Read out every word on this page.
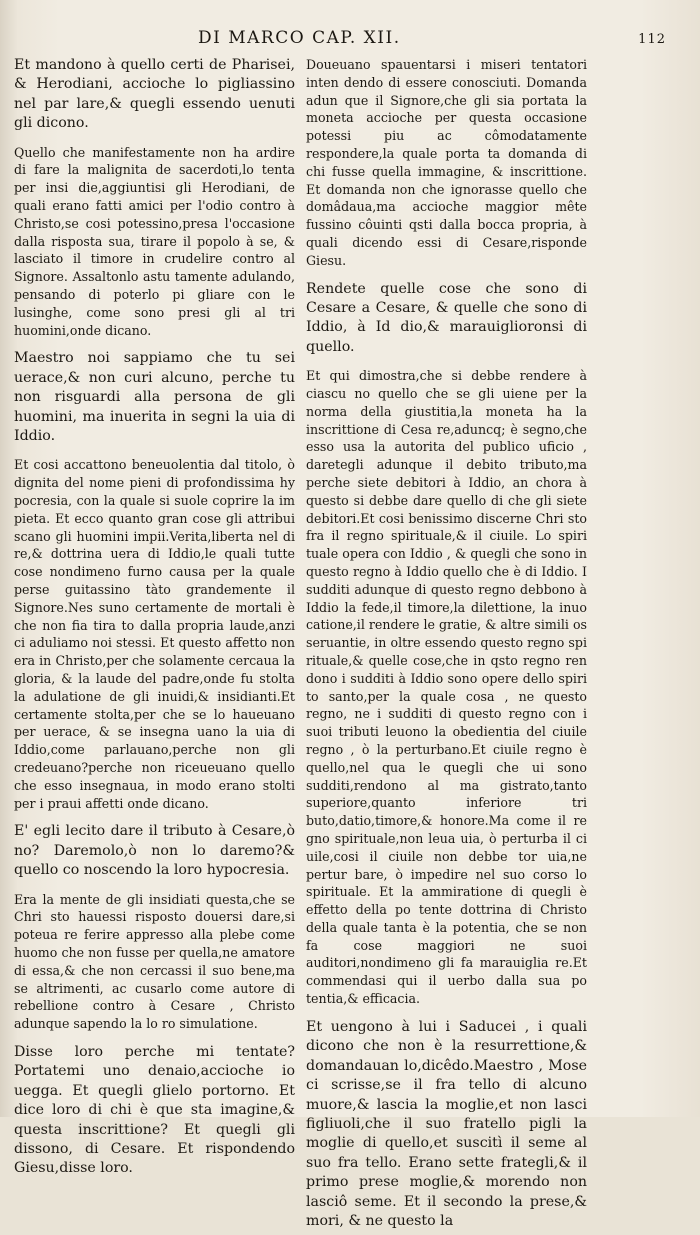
DI MARCO CAP. XII.	112

Et mandono à quello certi de Pharisei, & Herodiani, accioche lo pigliassino nel par lare,& quegli essendo uenuti gli dicono.

Quello che manifestamente non ha ardire di fare la malignita de sacerdoti,lo tenta per insi die,aggiuntisi gli Herodiani, de quali erano fatti amici per l'odio contro à Christo,se cosi potessino,presa l'occasione dalla risposta sua, tirare il popolo à se, & lasciato il timore in crudelire contro al Signore. Assaltonlo astu tamente adulando, pensando di poterlo pi gliare con le lusinghe, come sono presi gli al tri huomini,onde dicano.

Maestro noi sappiamo che tu sei uerace,& non curi alcuno, perche tu non risguardi alla persona de gli huomini, ma inuerita in segni la uia di Iddio.

Et cosi accattono beneuolentia dal titolo, ò dignita del nome pieni di profondissima hy pocresia, con la quale si suole coprire la im pieta. Et ecco quanto gran cose gli attribui scano gli huomini impii.Verita,liberta nel di re,& dottrina uera di Iddio,le quali tutte cose nondimeno furno causa per la quale perse guitassino tàto grandemente il Signore.Nes suno certamente de mortali è che non fia tira to dalla propria laude,anzi ci aduliamo noi stessi. Et questo affetto non era in Christo,per che solamente cercaua la gloria, & la laude del padre,onde fu stolta la adulatione de gli inuidi,& insidianti.Et certamente stolta,per che se lo haueuano per uerace, & se insegna uano la uia di Iddio,come parlauano,perche non gli credeuano?perche non riceueuano quello che esso insegnaua, in modo erano stolti per i praui affetti onde dicano.

E' egli lecito dare il tributo à Cesare,ò no? Daremolo,ò non lo daremo?& quello co noscendo la loro hypocresia.

Era la mente de gli insidiati questa,che se Chri sto hauessi risposto douersi dare,si poteua re ferire appresso alla plebe come huomo che non fusse per quella,ne amatore di essa,& che non cercassi il suo bene,ma se altrimenti, ac cusarlo come autore di rebellione contro à Cesare , Christo adunque sapendo la lo ro simulatione.

Disse loro perche mi tentate? Portatemi uno denaio,accioche io uegga. Et quegli glielo portorno. Et dice loro di chi è que sta imagine,& questa inscrittione? Et quegli gli dissono, di Cesare. Et rispondendo Giesu,disse loro.

Doueuano spauentarsi i miseri tentatori inten dendo di essere conosciuti. Domanda adun que il Signore,che gli sia portata la moneta accioche per questa occasione potessi piu ac cômodatamente respondere,la quale porta ta domanda di chi fusse quella immagine, & inscrittione. Et domanda non che ignorasse quello che domâdaua,ma accioche maggior mête fussino côuinti qsti dalla bocca propria, à quali dicendo essi di Cesare,risponde Giesu.

Rendete quelle cose che sono di Cesare a Cesare, & quelle che sono di Iddio, à Id dio,& marauiglioronsi di quello.

Et qui dimostra,che si debbe rendere à ciascu no quello che se gli uiene per la norma della giustitia,la moneta ha la inscrittione di Cesa re,aduncq; è segno,che esso usa la autorita del publico uficio , daretegli adunque il debito tributo,ma perche siete debitori à Iddio, an chora à questo si debbe dare quello di che gli siete debitori.Et cosi benissimo discerne Chri sto fra il regno spirituale,& il ciuile. Lo spiri tuale opera con Iddio , & quegli che sono in questo regno à Iddio quello che è di Iddio. I sudditi adunque di questo regno debbono à Iddio la fede,il timore,la dilettione, la inuo catione,il rendere le gratie, & altre simili os seruantie, in oltre essendo questo regno spi rituale,& quelle cose,che in qsto regno ren dono i sudditi à Iddio sono opere dello spiri to santo,per la quale cosa , ne questo regno, ne i sudditi di questo regno con i suoi tributi leuono la obedientia del ciuile regno , ò la perturbano.Et ciuile regno è quello,nel qua le quegli che ui sono sudditi,rendono al ma gistrato,tanto superiore,quanto inferiore tri buto,datio,timore,& honore.Ma come il re gno spirituale,non leua uia, ò perturba il ci uile,cosi il ciuile non debbe tor uia,ne pertur bare, ò impedire nel suo corso lo spirituale. Et la ammiratione di quegli è effetto della po tente dottrina di Christo della quale tanta è la potentia, che se non fa cose maggiori ne suoi auditori,nondimeno gli fa marauiglia re.Et commendasi qui il uerbo dalla sua po tentia,& efficacia.

Et uengono à lui i Saducei , i quali dicono che non è la resurrettione,& domandauan lo,dicêdo.Maestro , Mose ci scrisse,se il fra tello di alcuno muore,& lascia la moglie,et non lasci figliuoli,che il suo fratello pigli la moglie di quello,et suscitì il seme al suo fra tello. Erano sette frategli,& il primo prese moglie,& morendo non lasciô seme. Et il secondo la prese,& mori, & ne questo la
